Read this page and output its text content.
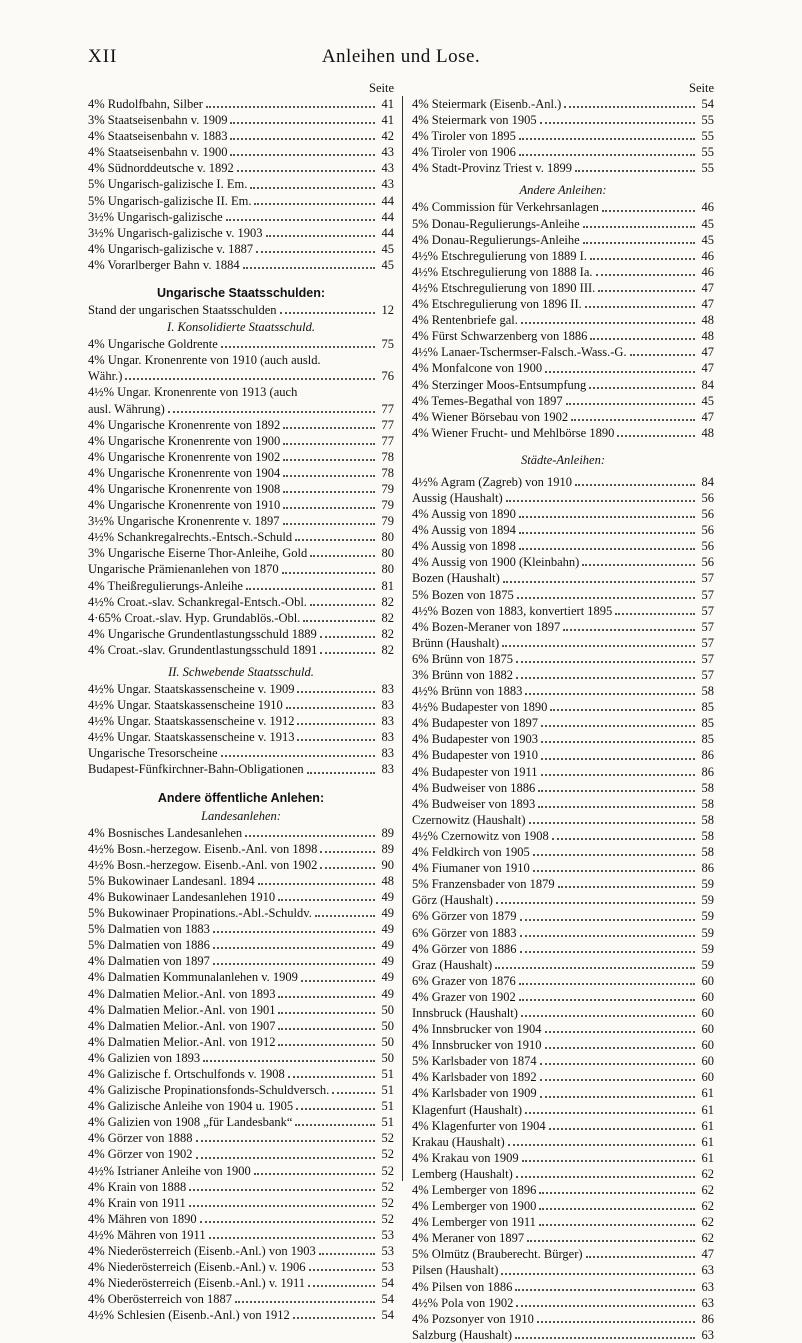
XII	Anleihen und Lose.
Seite
4% Rudolfbahn, Silber	41
3% Staatseisenbahn v. 1909	41
4% Staatseisenbahn v. 1883	42
4% Staatseisenbahn v. 1900	43
4% Südnorddeutsche v. 1892	43
5% Ungarisch-galizische I. Em.	43
5% Ungarisch-galizische II. Em.	44
3½% Ungarisch-galizische	44
3½% Ungarisch-galizische v. 1903	44
4% Ungarisch-galizische v. 1887	45
4% Vorarlberger Bahn v. 1884	45
Ungarische Staatsschulden:
Stand der ungarischen Staatsschulden	12
I. Konsolidierte Staatsschuld.
4% Ungarische Goldrente	75
4% Ungar. Kronenrente von 1910 (auch ausld.
Währ.)	76
4½% Ungar. Kronenrente von 1913 (auch
ausl. Währung)	77
4% Ungarische Kronenrente von 1892	77
4% Ungarische Kronenrente von 1900	77
4% Ungarische Kronenrente von 1902	78
4% Ungarische Kronenrente von 1904	78
4% Ungarische Kronenrente von 1908	79
4% Ungarische Kronenrente von 1910	79
3½% Ungarische Kronenrente v. 1897	79
4½% Schankregalrechts.-Entsch.-Schuld	80
3% Ungarische Eiserne Thor-Anleihe, Gold	80
Ungarische Prämienanlehen von 1870	80
4% Theißregulierungs-Anleihe	81
4½% Croat.-slav. Schankregal-Entsch.-Obl.	82
4·65% Croat.-slav. Hyp. Grundablös.-Obl.	82
4% Ungarische Grundentlastungsschuld 1889	82
4% Croat.-slav. Grundentlastungsschuld 1891	82
II. Schwebende Staatsschuld.
4½% Ungar. Staatskassenscheine v. 1909	83
4½% Ungar. Staatskassenscheine 1910	83
4½% Ungar. Staatskassenscheine v. 1912	83
4½% Ungar. Staatskassenscheine v. 1913	83
Ungarische Tresorscheine	83
Budapest-Fünfkirchner-Bahn-Obligationen	83
Andere öffentliche Anlehen:
Landesanlehen:
4% Bosnisches Landesanlehen	89
4½% Bosn.-herzegow. Eisenb.-Anl. von 1898	89
4½% Bosn.-herzegow. Eisenb.-Anl. von 1902	90
5% Bukowinaer Landesanl. 1894	48
4% Bukowinaer Landesanlehen 1910	49
5% Bukowinaer Propinations.-Abl.-Schuldv.	49
5% Dalmatien von 1883	49
5% Dalmatien von 1886	49
4% Dalmatien von 1897	49
4% Dalmatien Kommunalanlehen v. 1909	49
4% Dalmatien Melior.-Anl. von 1893	49
4% Dalmatien Melior.-Anl. von 1901	50
4% Dalmatien Melior.-Anl. von 1907	50
4% Dalmatien Melior.-Anl. von 1912	50
4% Galizien von 1893	50
4% Galizische f. Ortschulfonds v. 1908	51
4% Galizische Propinationsfonds-Schuldversch.	51
4% Galizische Anleihe von 1904 u. 1905	51
4% Galizien von 1908 „für Landesbank“	51
4% Görzer von 1888	52
4% Görzer von 1902	52
4½% Istrianer Anleihe von 1900	52
4% Krain von 1888	52
4% Krain von 1911	52
4% Mähren von 1890	52
4½% Mähren von 1911	53
4% Niederösterreich (Eisenb.-Anl.) von 1903	53
4% Niederösterreich (Eisenb.-Anl.) v. 1906	53
4% Niederösterreich (Eisenb.-Anl.) v. 1911	54
4% Oberösterreich von 1887	54
4½% Schlesien (Eisenb.-Anl.) von 1912	54
Seite
4% Steiermark (Eisenb.-Anl.)	54
4% Steiermark von 1905	55
4% Tiroler von 1895	55
4% Tiroler von 1906	55
4% Stadt-Provinz Triest v. 1899	55
Andere Anleihen:
4% Commission für Verkehrsanlagen	46
5% Donau-Regulierungs-Anleihe	45
4% Donau-Regulierungs-Anleihe	45
4½% Etschregulierung von 1889 I.	46
4½% Etschregulierung von 1888 Ia.	46
4½% Etschregulierung von 1890 III.	47
4% Etschregulierung von 1896 II.	47
4% Rentenbriefe gal.	48
4% Fürst Schwarzenberg von 1886	48
4½% Lanaer-Tschermser-Falsch.-Wass.-G.	47
4% Monfalcone von 1900	47
4% Sterzinger Moos-Entsumpfung	84
4% Temes-Begathal von 1897	45
4% Wiener Börsebau von 1902	47
4% Wiener Frucht- und Mehlbörse 1890	48
Städte-Anleihen:
4½% Agram (Zagreb) von 1910	84
Aussig (Haushalt)	56
4% Aussig von 1890	56
4% Aussig von 1894	56
4% Aussig von 1898	56
4% Aussig von 1900 (Kleinbahn)	56
Bozen (Haushalt)	57
5% Bozen von 1875	57
4½% Bozen von 1883, konvertiert 1895	57
4% Bozen-Meraner von 1897	57
Brünn (Haushalt)	57
6% Brünn von 1875	57
3% Brünn von 1882	57
4½% Brünn von 1883	58
4½% Budapester von 1890	85
4% Budapester von 1897	85
4% Budapester von 1903	85
4% Budapester von 1910	86
4% Budapester von 1911	86
4% Budweiser von 1886	58
4% Budweiser von 1893	58
Czernowitz (Haushalt)	58
4½% Czernowitz von 1908	58
4% Feldkirch von 1905	58
4% Fiumaner von 1910	86
5% Franzensbader von 1879	59
Görz (Haushalt)	59
6% Görzer von 1879	59
6% Görzer von 1883	59
4% Görzer von 1886	59
Graz (Haushalt)	59
6% Grazer von 1876	60
4% Grazer von 1902	60
Innsbruck (Haushalt)	60
4% Innsbrucker von 1904	60
4% Innsbrucker von 1910	60
5% Karlsbader von 1874	60
4% Karlsbader von 1892	60
4% Karlsbader von 1909	61
Klagenfurt (Haushalt)	61
4% Klagenfurter von 1904	61
Krakau (Haushalt)	61
4% Krakau von 1909	61
Lemberg (Haushalt)	62
4% Lemberger von 1896	62
4% Lemberger von 1900	62
4% Lemberger von 1911	62
4% Meraner von 1897	62
5% Olmütz (Brauberecht. Bürger)	47
Pilsen (Haushalt)	63
4% Pilsen von 1886	63
4½% Pola von 1902	63
4% Pozsonyer von 1910	86
Salzburg (Haushalt)	63
